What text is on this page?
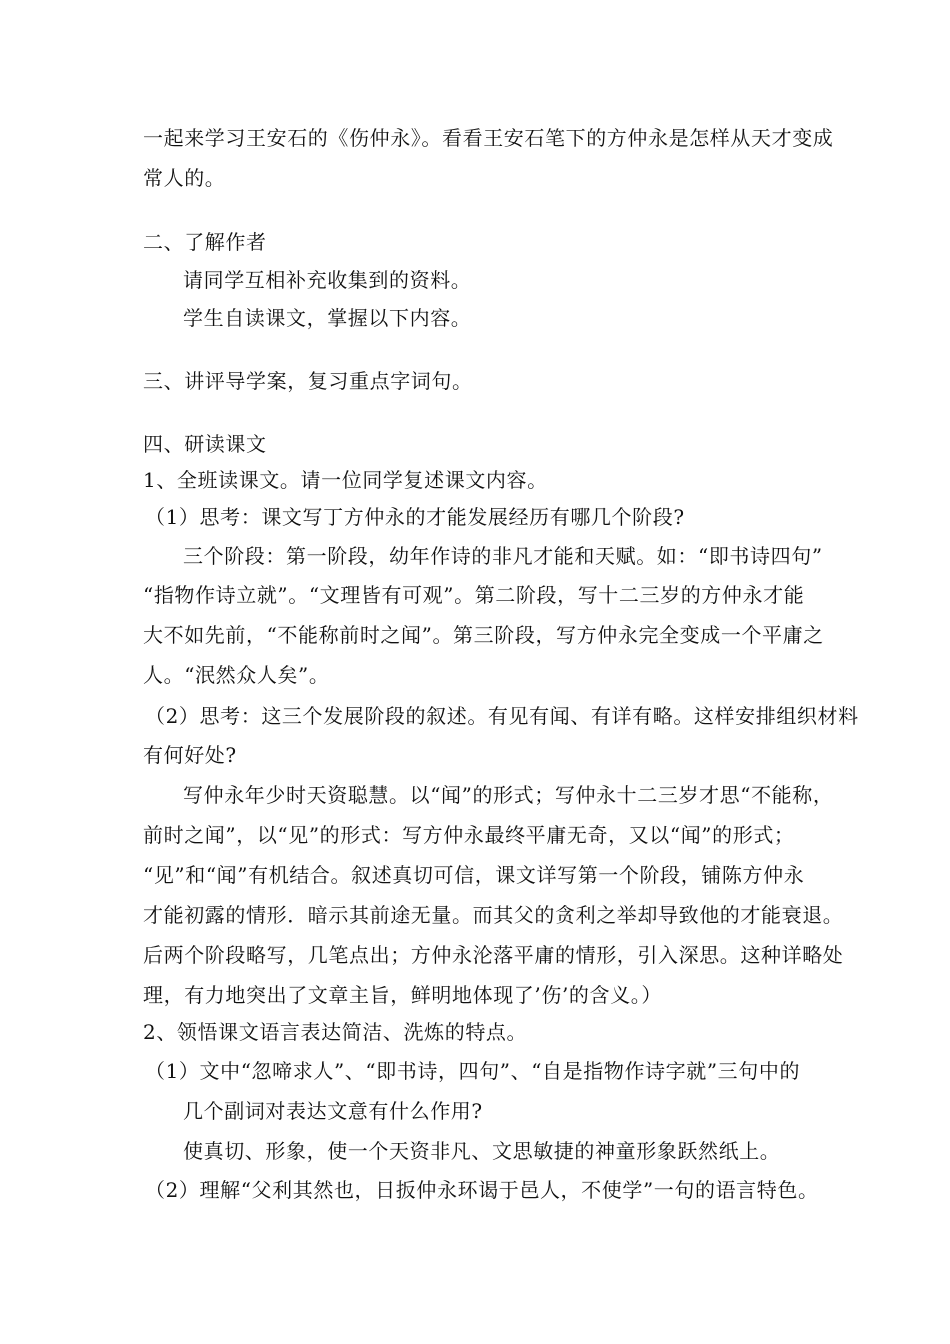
一起来学习王安石的《伤仲永》。看看王安石笔下的方仲永是怎样从天才变成
常人的。
二、了解作者
请同学互相补充收集到的资料。
学生自读课文，掌握以下内容。
三、讲评导学案，复习重点字词句。
四、研读课文
1、全班读课文。请一位同学复述课文内容。
（1）思考：课文写丁方仲永的才能发展经历有哪几个阶段?
三个阶段：第一阶段，幼年作诗的非凡才能和天赋。如：“即书诗四句”
“指物作诗立就”。“文理皆有可观”。第二阶段，写十二三岁的方仲永才能
大不如先前，“不能称前时之闻”。第三阶段，写方仲永完全变成一个平庸之
人。“泯然众人矣”。
（2）思考：这三个发展阶段的叙述。有见有闻、有详有略。这样安排组织材料
有何好处?
写仲永年少时天资聪慧。以“闻”的形式；写仲永十二三岁才思“不能称，
前时之闻”，以“见”的形式：写方仲永最终平庸无奇，又以“闻”的形式；
“见”和“闻”有机结合。叙述真切可信，课文详写第一个阶段，铺陈方仲永
才能初露的情形．暗示其前途无量。而其父的贪利之举却导致他的才能衰退。
后两个阶段略写，几笔点出；方仲永沦落平庸的情形，引入深思。这种详略处
理，有力地突出了文章主旨，鲜明地体现了’伤’的含义。）
2、领悟课文语言表达简洁、洗炼的特点。
（1）文中“忽啼求人”、“即书诗，四句”、“自是指物作诗字就”三句中的
几个副词对表达文意有什么作用?
使真切、形象，使一个天资非凡、文思敏捷的神童形象跃然纸上。
（2）理解“父利其然也，日扳仲永环谒于邑人，不使学”一句的语言特色。
